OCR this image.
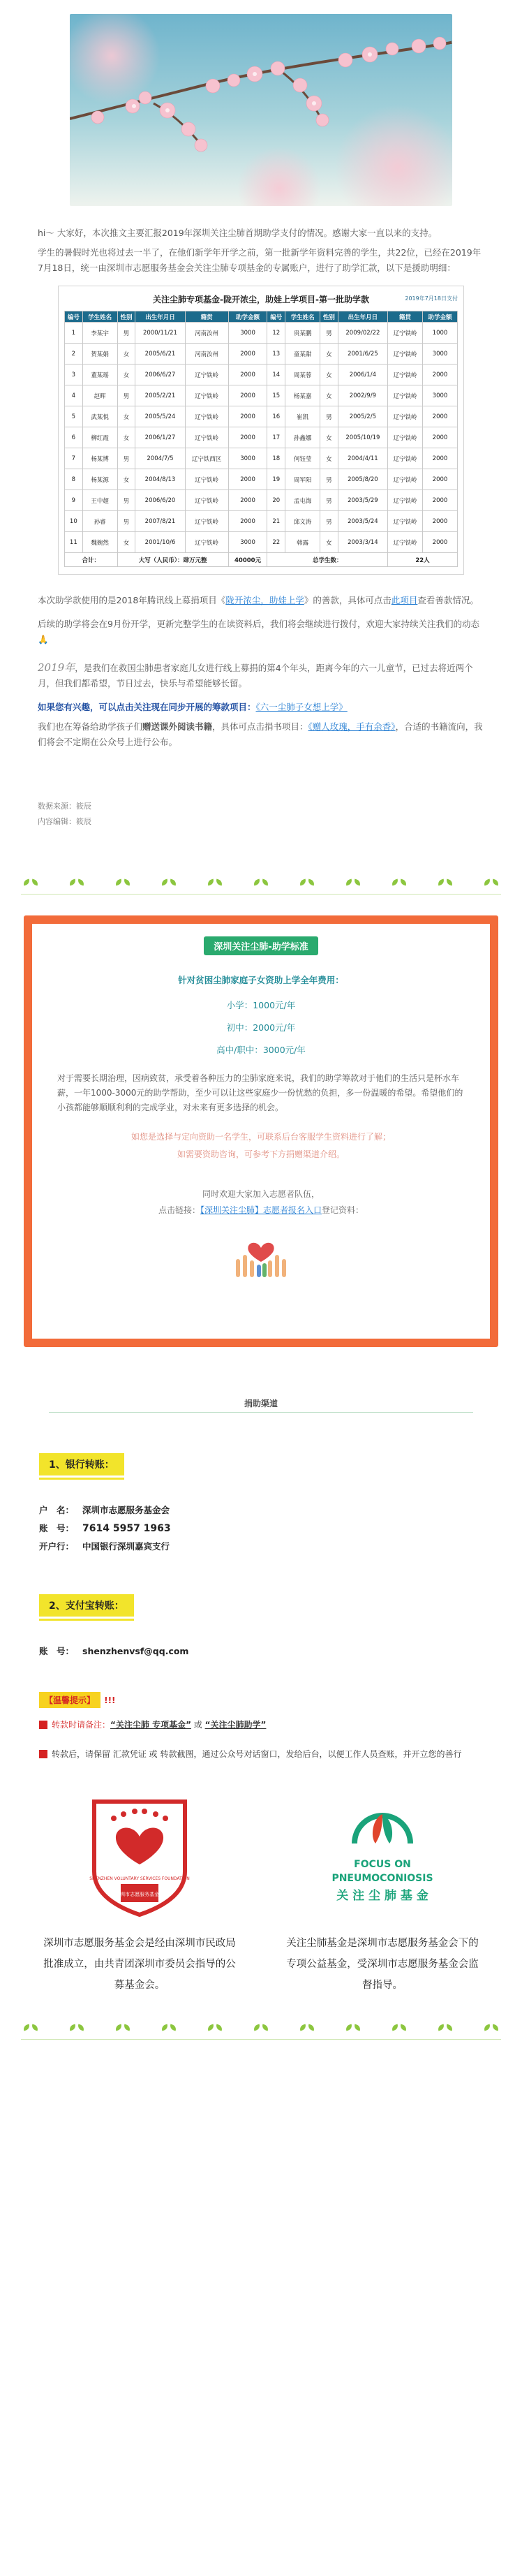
hi～ 大家好，本次推文主要汇报2019年深圳关注尘肺首期助学支付的情况。感谢大家一直以来的支持。

学生的暑假时光也将过去一半了，在他们新学年开学之前，第一批新学年资料完善的学生，共22位，已经在2019年7月18日，统一由深圳市志愿服务基金会关注尘肺专项基金的专属账户，进行了助学汇款，以下是援助明细：

关注尘肺专项基金-陇开浓尘，助娃上学项目-第一批助学款	2019年7月18日支付
编号	学生姓名	性别	出生年月日	籍贯	助学金额	编号	学生姓名	性别	出生年月日	籍贯	助学金额
1	李某宇	男	2000/11/21	河南汝州	3000	12	贵某鹏	男	2009/02/22	辽宁铁岭	1000
2	贺某娟	女	2005/6/21	河南汝州	2000	13	童某甜	女	2001/6/25	辽宁铁岭	3000
3	董某瑶	女	2006/6/27	辽宁铁岭	2000	14	周某蓉	女	2006/1/4	辽宁铁岭	2000
4	赵晖	男	2005/2/21	辽宁铁岭	2000	15	杨某嘉	女	2002/9/9	辽宁铁岭	3000
5	武某悦	女	2005/5/24	辽宁铁岭	2000	16	崔凯	男	2005/2/5	辽宁铁岭	2000
6	柳红霞	女	2006/1/27	辽宁铁岭	2000	17	孙鑫娜	女	2005/10/19	辽宁铁岭	2000
7	杨某博	男	2004/7/5	辽宁铁西区	3000	18	何钰莹	女	2004/4/11	辽宁铁岭	2000
8	杨某源	女	2004/8/13	辽宁铁岭	2000	19	周军阳	男	2005/8/20	辽宁铁岭	2000
9	王中超	男	2006/6/20	辽宁铁岭	2000	20	孟屯海	男	2003/5/29	辽宁铁岭	2000
10	孙睿	男	2007/8/21	辽宁铁岭	2000	21	邱文涛	男	2003/5/24	辽宁铁岭	2000
11	魏婉然	女	2001/10/6	辽宁铁岭	3000	22	韩露	女	2003/3/14	辽宁铁岭	2000
合计：		大写（人民币）：肆万元整			40000元	总学生数：				22人	

本次助学款使用的是2018年腾讯线上募捐项目《陇开浓尘，助娃上学》的善款，具体可点击此项目查看善款情况。

后续的助学将会在9月份开学，更新完整学生的在读资料后，我们将会继续进行拨付，欢迎大家持续关注我们的动态🙏

2019年，是我们在救国尘肺患者家庭儿女进行线上募捐的第4个年头，距离今年的六一儿童节，已过去将近两个月，但我们都希望，节日过去，快乐与希望能够长留。

如果您有兴趣，可以点击关注现在同步开展的筹款项目：《六一尘肺子女想上学》

我们也在筹备给助学孩子们赠送课外阅读书籍，具体可点击捐书项目：《赠人玫瑰，手有余香》，合适的书籍流向，我们将会不定期在公众号上进行公布。

数据来源：筱辰
内容编辑：筱辰
深圳关注尘肺-助学标准
针对贫困尘肺家庭子女资助上学全年费用：
小学：1000元/年
初中：2000元/年
高中/职中：3000元/年
对于需要长期治理，因病致贫，承受着各种压力的尘肺家庭来说，我们的助学筹款对于他们的生活只是杯水车薪，一年1000-3000元的助学帮助，至少可以让这些家庭少一份忧愁的负担，多一份温暖的希望。希望他们的小孩都能够顺顺利利的完成学业，对未来有更多选择的机会。
如您是选择与定向资助一名学生，可联系后台客服学生资料进行了解；
如需要资助咨询，可参考下方捐赠渠道介绍。
同时欢迎大家加入志愿者队伍，
点击链接：【深圳关注尘肺】志愿者报名入口登记资料：
捐助渠道
1、银行转账：
户　名： 深圳市志愿服务基金会
账　号： 7614 5957 1963
开户行： 中国银行深圳嘉宾支行
2、支付宝转账：
账　号： shenzhenvsf@qq.com
【温馨提示】 !!!
转款时请备注：“关注尘肺 专项基金” 或 “关注尘肺助学”
转款后，请保留 汇款凭证 或 转款截图，通过公众号对话窗口，发给后台，以便工作人员查账，并开立您的善行
SHENZHEN VOLUNTARY SERVICES FOUNDATION
深圳市志愿服务基金会
深圳市志愿服务基金会是经由深圳市民政局批准成立，由共青团深圳市委员会指导的公募基金会。
FOCUS ON
PNEUMOCONIOSIS
关 注 尘 肺 基 金
关注尘肺基金是深圳市志愿服务基金会下的专项公益基金，受深圳市志愿服务基金会监督指导。
